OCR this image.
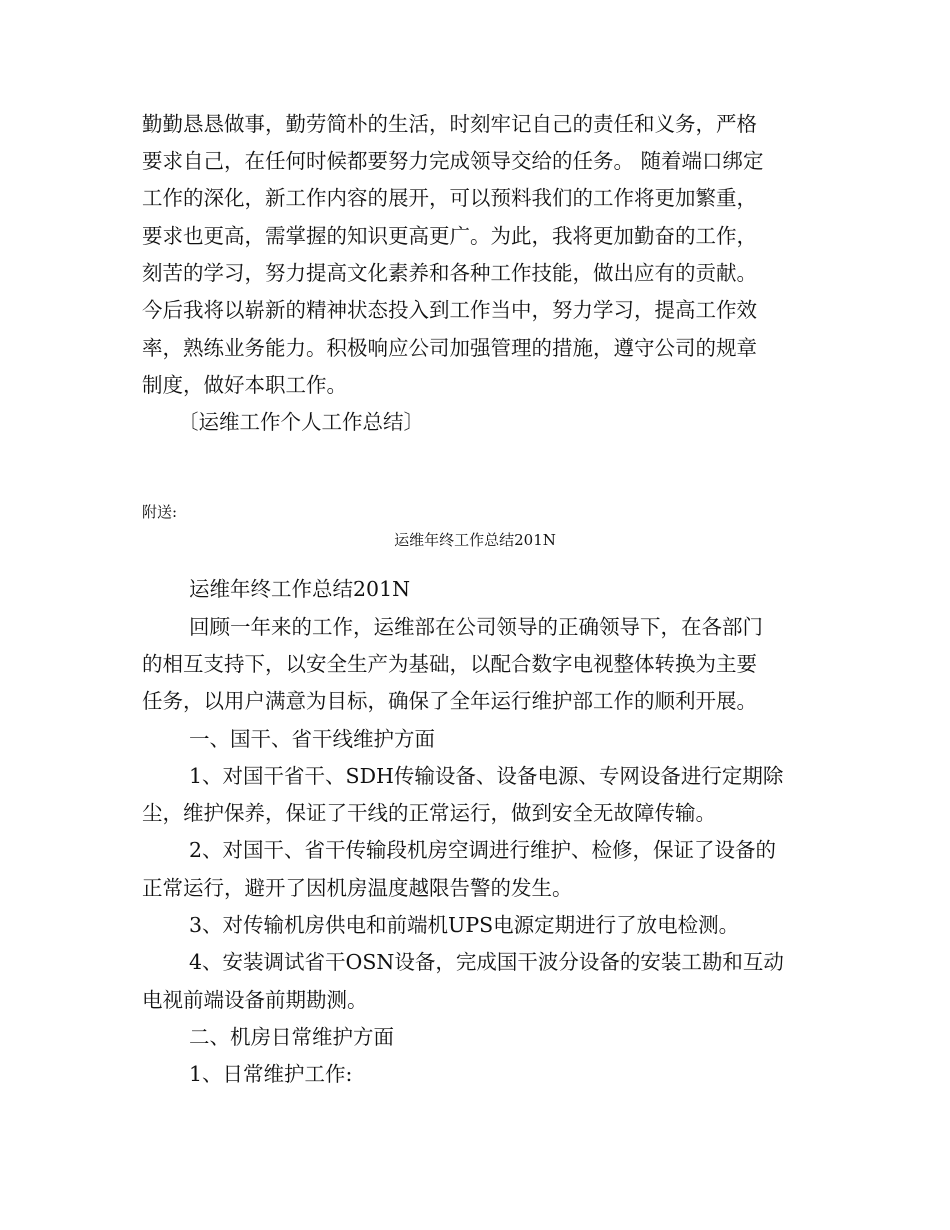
勤勤恳恳做事，勤劳简朴的生活，时刻牢记自己的责任和义务，严格
要求自己，在任何时候都要努力完成领导交给的任务。 随着端口绑定
工作的深化，新工作内容的展开，可以预料我们的工作将更加繁重，
要求也更高，需掌握的知识更高更广。为此，我将更加勤奋的工作，
刻苦的学习，努力提高文化素养和各种工作技能，做出应有的贡献。
今后我将以崭新的精神状态投入到工作当中，努力学习，提高工作效
率，熟练业务能力。积极响应公司加强管理的措施，遵守公司的规章
制度，做好本职工作。
〔运维工作个人工作总结〕
附送:
运维年终工作总结201N
运维年终工作总结201N
回顾一年来的工作，运维部在公司领导的正确领导下，在各部门
的相互支持下，以安全生产为基础，以配合数字电视整体转换为主要
任务，以用户满意为目标，确保了全年运行维护部工作的顺利开展。
一、国干、省干线维护方面
1、对国干省干、SDH传输设备、设备电源、专网设备进行定期除
尘，维护保养，保证了干线的正常运行，做到安全无故障传输。
2、对国干、省干传输段机房空调进行维护、检修，保证了设备的
正常运行，避开了因机房温度越限告警的发生。
3、对传输机房供电和前端机UPS电源定期进行了放电检测。
4、安装调试省干OSN设备，完成国干波分设备的安装工勘和互动
电视前端设备前期勘测。
二、机房日常维护方面
1、日常维护工作:
